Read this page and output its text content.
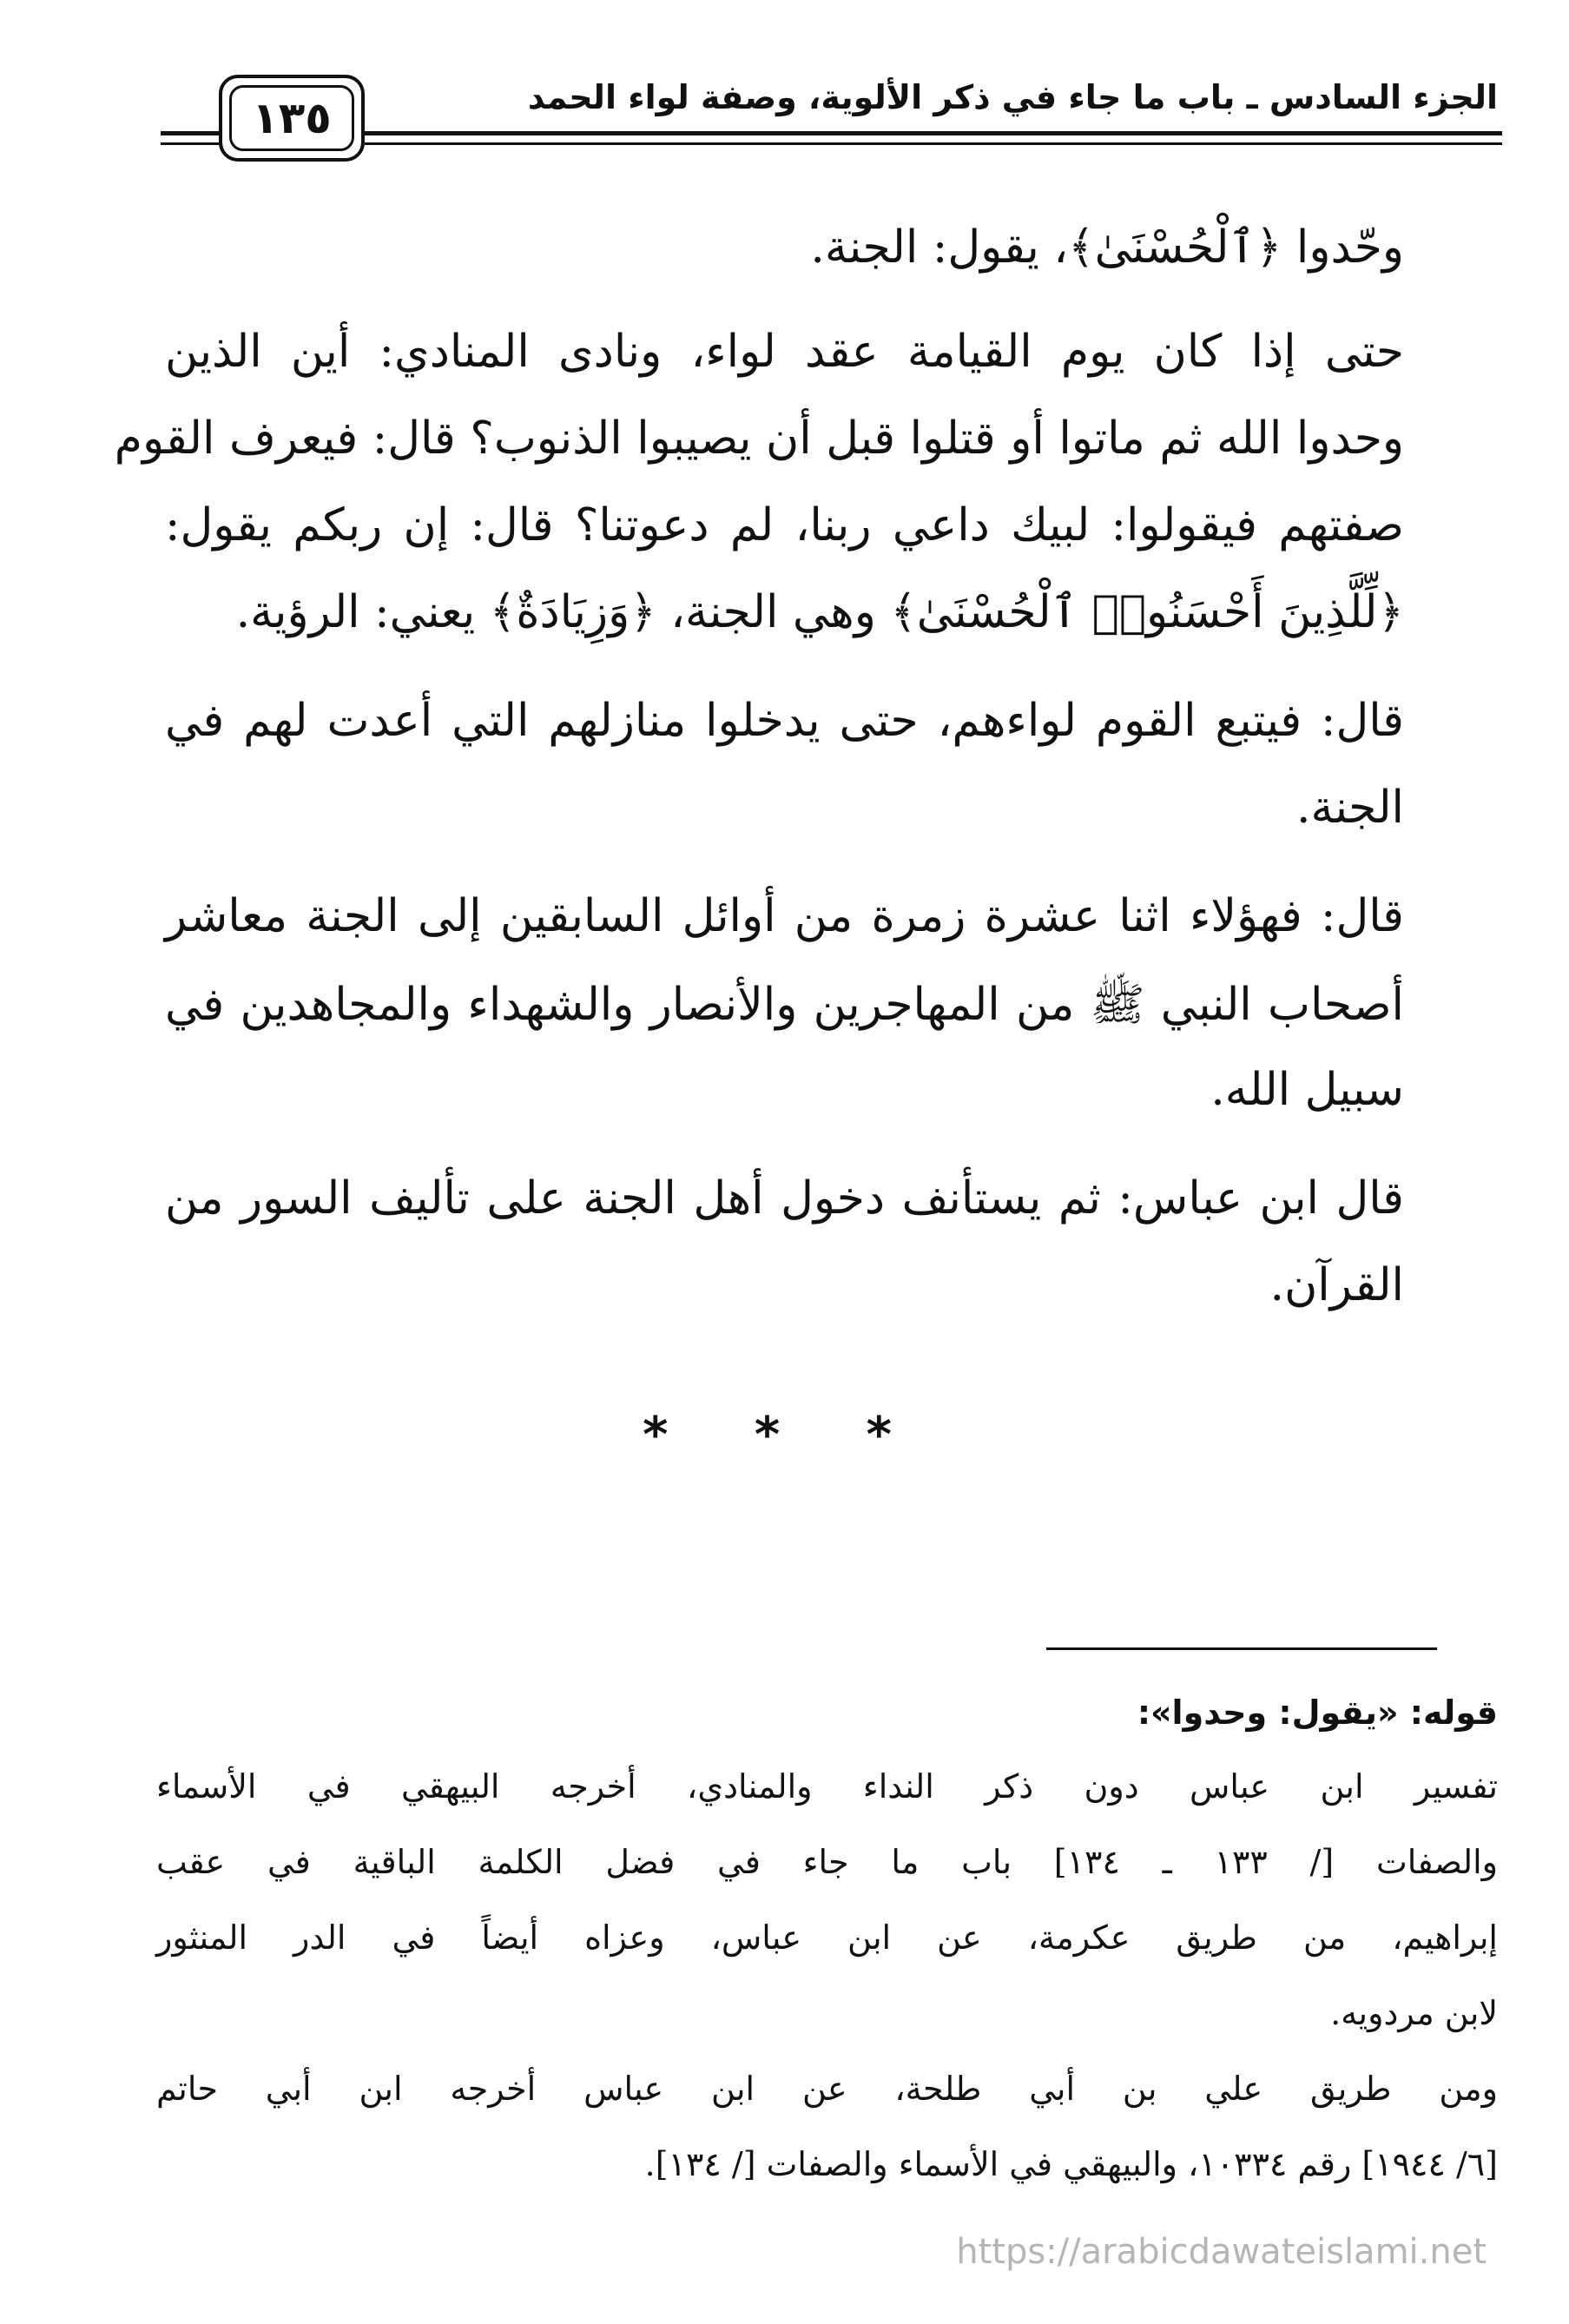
الجزء السادس ـ باب ما جاء في ذكر الألوية، وصفة لواء الحمد
١٣٥
وحّدوا ﴿ٱلْحُسْنَىٰ﴾، يقول: الجنة.
حتى إذا كان يوم القيامة عقد لواء، ونادى المنادي: أين الذين
وحدوا الله ثم ماتوا أو قتلوا قبل أن يصيبوا الذنوب؟ قال: فيعرف القوم
صفتهم فيقولوا: لبيك داعي ربنا، لم دعوتنا؟ قال: إن ربكم يقول:
﴿لِّلَّذِينَ أَحْسَنُوا۟ ٱلْحُسْنَىٰ﴾ وهي الجنة، ﴿وَزِيَادَةٌ﴾ يعني: الرؤية.
قال: فيتبع القوم لواءهم، حتى يدخلوا منازلهم التي أعدت لهم في
الجنة.
قال: فهؤلاء اثنا عشرة زمرة من أوائل السابقين إلى الجنة معاشر
أصحاب النبي ﷺ من المهاجرين والأنصار والشهداء والمجاهدين في
سبيل الله.
قال ابن عباس: ثم يستأنف دخول أهل الجنة على تأليف السور من
القرآن.
* * *
قوله: «يقول: وحدوا»:
تفسير ابن عباس دون ذكر النداء والمنادي، أخرجه البيهقي في الأسماء
والصفات [/ ١٣٣ ـ ١٣٤] باب ما جاء في فضل الكلمة الباقية في عقب
إبراهيم، من طريق عكرمة، عن ابن عباس، وعزاه أيضاً في الدر المنثور
لابن مردويه.
ومن طريق علي بن أبي طلحة، عن ابن عباس أخرجه ابن أبي حاتم
[٦/ ١٩٤٤] رقم ١٠٣٣٤، والبيهقي في الأسماء والصفات [/ ١٣٤].
https://arabicdawateislami.net
